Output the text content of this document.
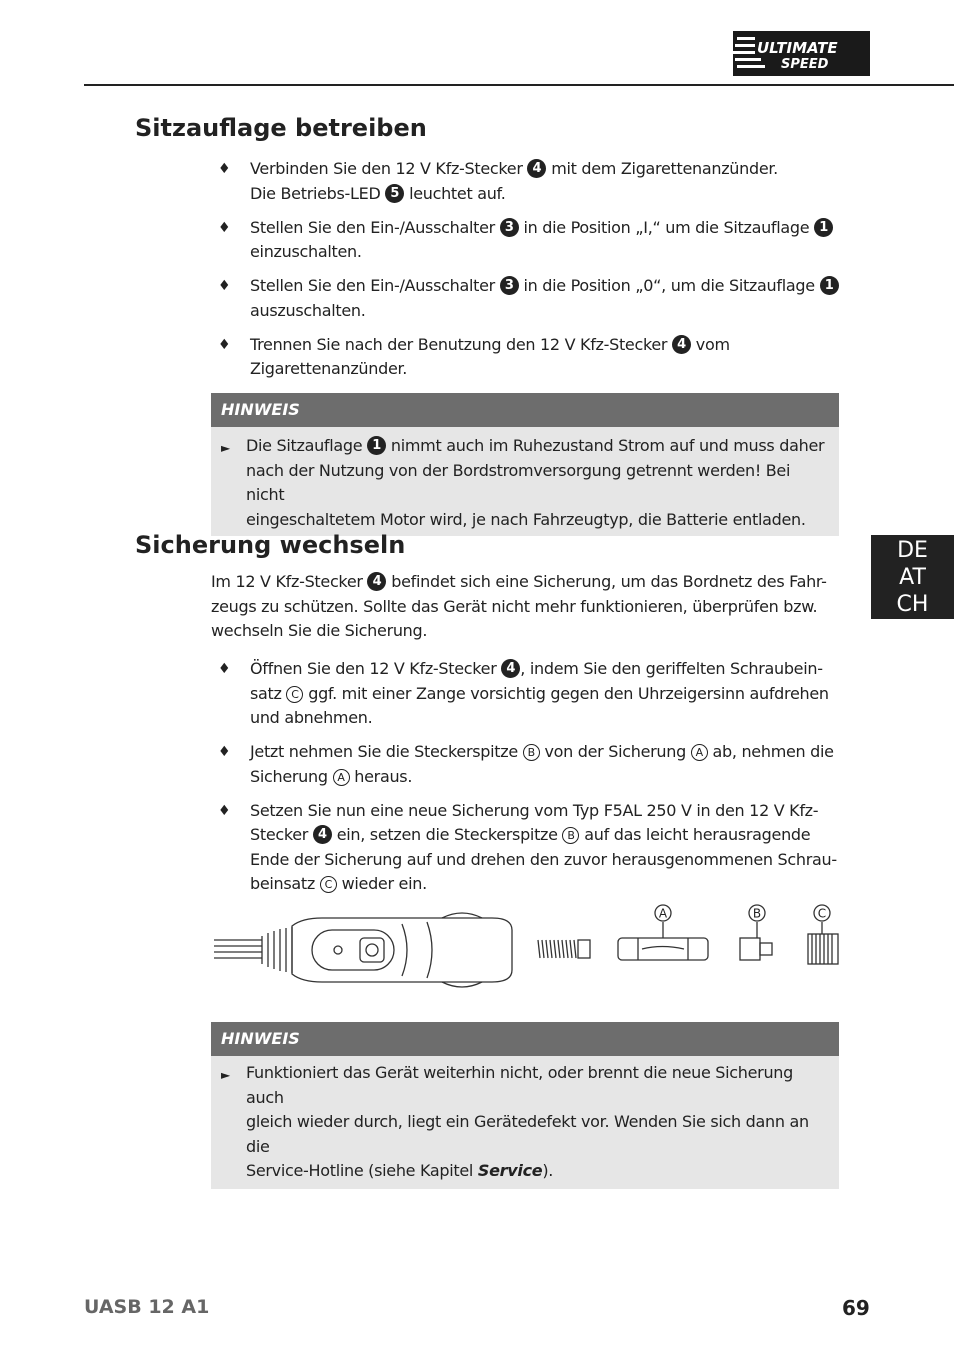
ULTIMATE
SPEED
DE
AT
CH
Sitzauflage betreiben
♦ Verbinden Sie den 12 V Kfz-Stecker 4 mit dem Zigarettenanzünder.
Die Betriebs-LED 5 leuchtet auf.
♦ Stellen Sie den Ein-/Ausschalter 3 in die Position „I,“ um die Sitzauflage 1
einzuschalten.
♦ Stellen Sie den Ein-/Ausschalter 3 in die Position „0“, um die Sitzauflage 1
auszuschalten.
♦ Trennen Sie nach der Benutzung den 12 V Kfz-Stecker 4 vom
Zigarettenanzünder.
HINWEIS
► Die Sitzauflage 1 nimmt auch im Ruhezustand Strom auf und muss daher
nach der Nutzung von der Bordstromversorgung getrennt werden! Bei nicht
eingeschaltetem Motor wird, je nach Fahrzeugtyp, die Batterie entladen.
Sicherung wechseln
Im 12 V Kfz-Stecker 4 befindet sich eine Sicherung, um das Bordnetz des Fahr-
zeugs zu schützen. Sollte das Gerät nicht mehr funktionieren, überprüfen bzw.
wechseln Sie die Sicherung.
♦ Öffnen Sie den 12 V Kfz-Stecker 4 , indem Sie den geriffelten Schraubein-
satz C ggf. mit einer Zange vorsichtig gegen den Uhrzeigersinn aufdrehen
und abnehmen.
♦ Jetzt nehmen Sie die Steckerspitze B von der Sicherung A ab, nehmen die
Sicherung A heraus.
♦ Setzen Sie nun eine neue Sicherung vom Typ F5AL 250 V in den 12 V Kfz-
Stecker 4 ein, setzen die Steckerspitze B auf das leicht herausragende
Ende der Sicherung auf und drehen den zuvor herausgenommenen Schrau-
beinsatz C wieder ein.
A	B	C
HINWEIS
► Funktioniert das Gerät weiterhin nicht, oder brennt die neue Sicherung auch
gleich wieder durch, liegt ein Gerätedefekt vor. Wenden Sie sich dann an die
Service-Hotline (siehe Kapitel Service).
UASB 12 A1	69
